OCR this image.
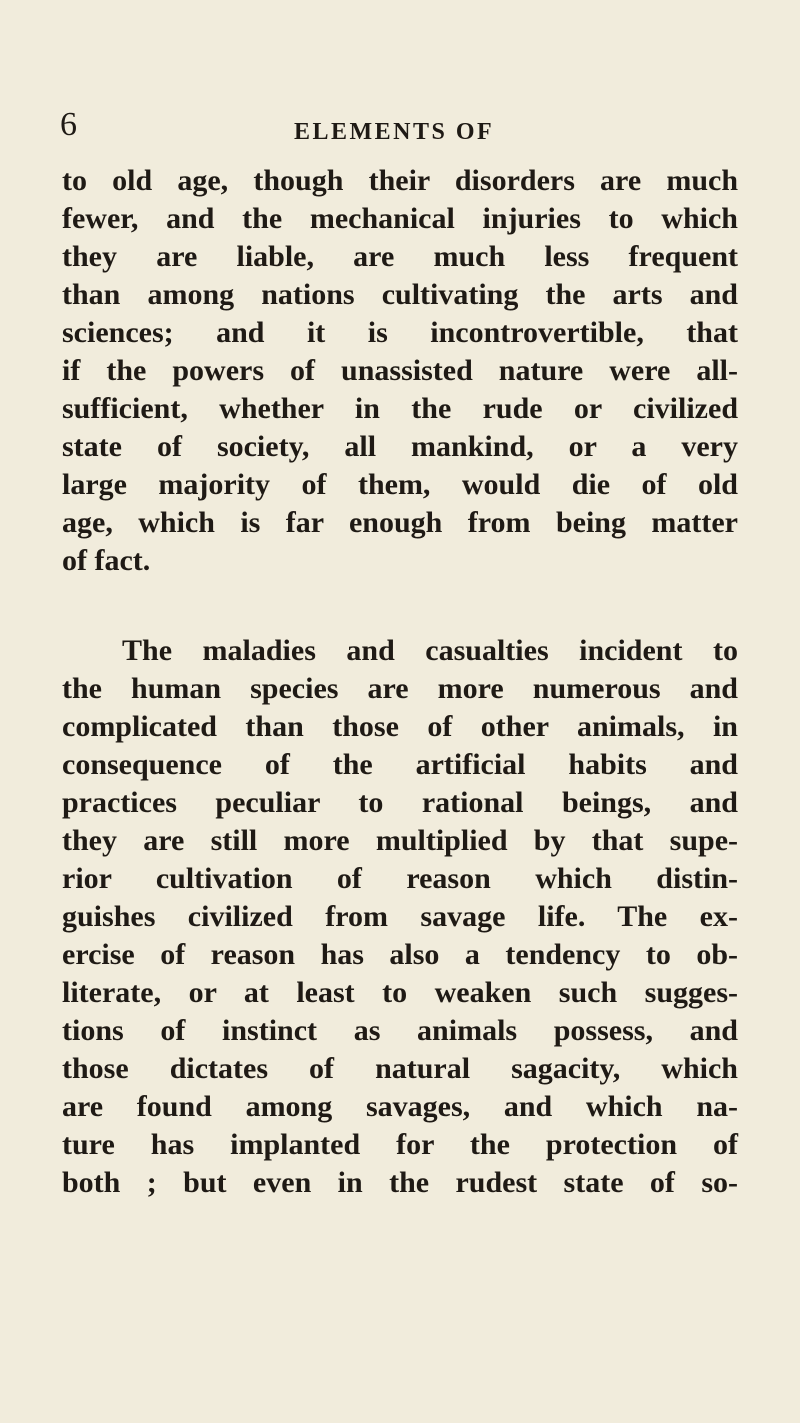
6	ELEMENTS OF

to old age, though their disorders are much

fewer, and the mechanical injuries to which

they are liable, are much less frequent

than among nations cultivating the arts and

sciences; and it is incontrovertible, that

if the powers of unassisted nature were all-

sufficient, whether in the rude or civilized

state of society, all mankind, or a very

large majority of them, would die of old

age, which is far enough from being matter

of fact.

The maladies and casualties incident to

the human species are more numerous and

complicated than those of other animals, in

consequence of the artificial habits and

practices peculiar to rational beings, and

they are still more multiplied by that supe-

rior cultivation of reason which distin-

guishes civilized from savage life. The ex-

ercise of reason has also a tendency to ob-

literate, or at least to weaken such sugges-

tions of instinct as animals possess, and

those dictates of natural sagacity, which

are found among savages, and which na-

ture has implanted for the protection of

both ; but even in the rudest state of so-
